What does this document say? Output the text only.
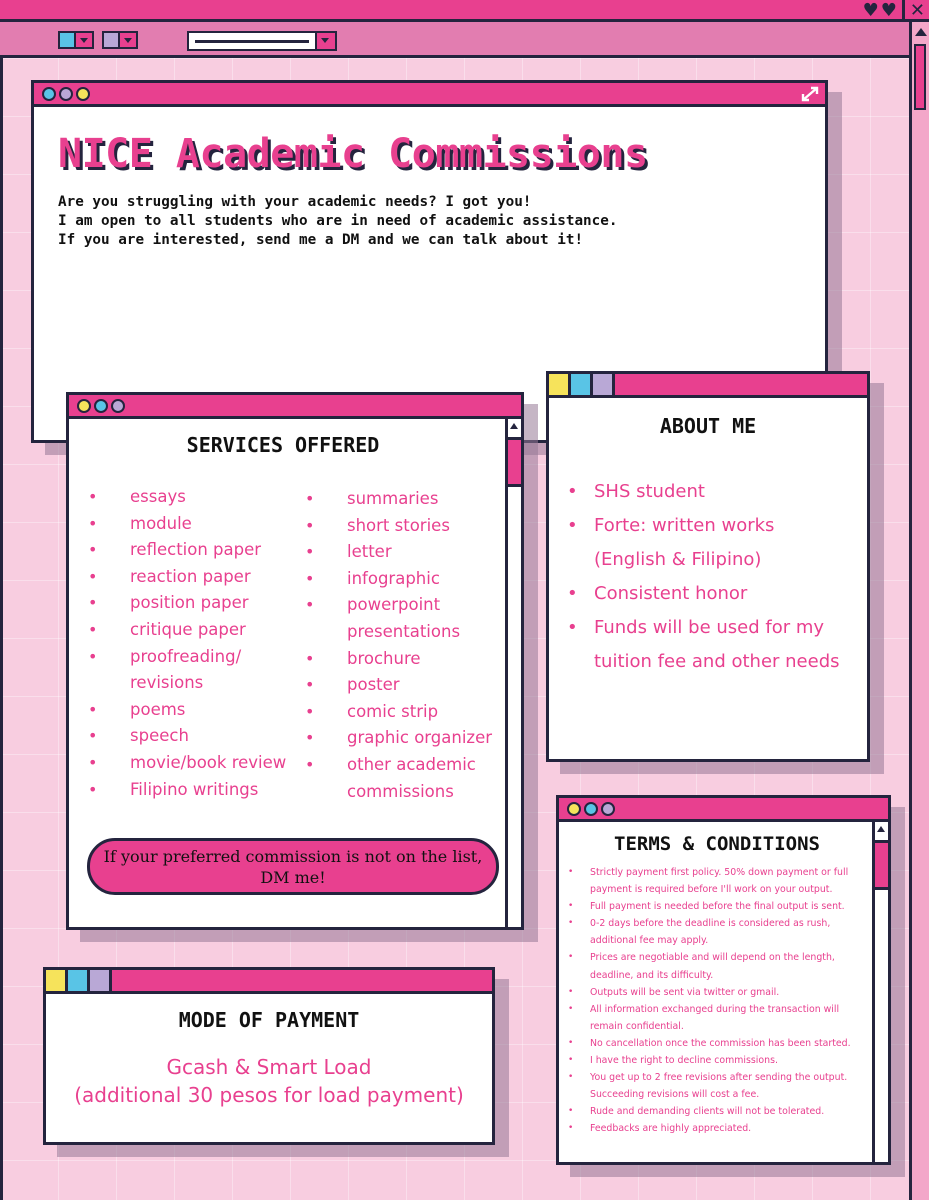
♥ ♥ ✕
NICE Academic Commissions
Are you struggling with your academic needs? I got you!
I am open to all students who are in need of academic assistance.
If you are interested, send me a DM and we can talk about it!
SERVICES OFFERED
• essays
• module
• reflection paper
• reaction paper
• position paper
• critique paper
• proofreading/
revisions
• poems
• speech
• movie/book review
• Filipino writings
• summaries
• short stories
• letter
• infographic
• powerpoint
presentations
• brochure
• poster
• comic strip
• graphic organizer
• other academic
commissions
If your preferred commission is not on the list,
DM me!
ABOUT ME
• SHS student
• Forte: written works
(English & Filipino)
• Consistent honor
• Funds will be used for my
tuition fee and other needs
TERMS & CONDITIONS
• Strictly payment first policy. 50% down payment or full
payment is required before I'll work on your output.
• Full payment is needed before the final output is sent.
• 0-2 days before the deadline is considered as rush,
additional fee may apply.
• Prices are negotiable and will depend on the length,
deadline, and its difficulty.
• Outputs will be sent via twitter or gmail.
• All information exchanged during the transaction will
remain confidential.
• No cancellation once the commission has been started.
• I have the right to decline commissions.
• You get up to 2 free revisions after sending the output.
Succeeding revisions will cost a fee.
• Rude and demanding clients will not be tolerated.
• Feedbacks are highly appreciated.
MODE OF PAYMENT
Gcash & Smart Load
(additional 30 pesos for load payment)
